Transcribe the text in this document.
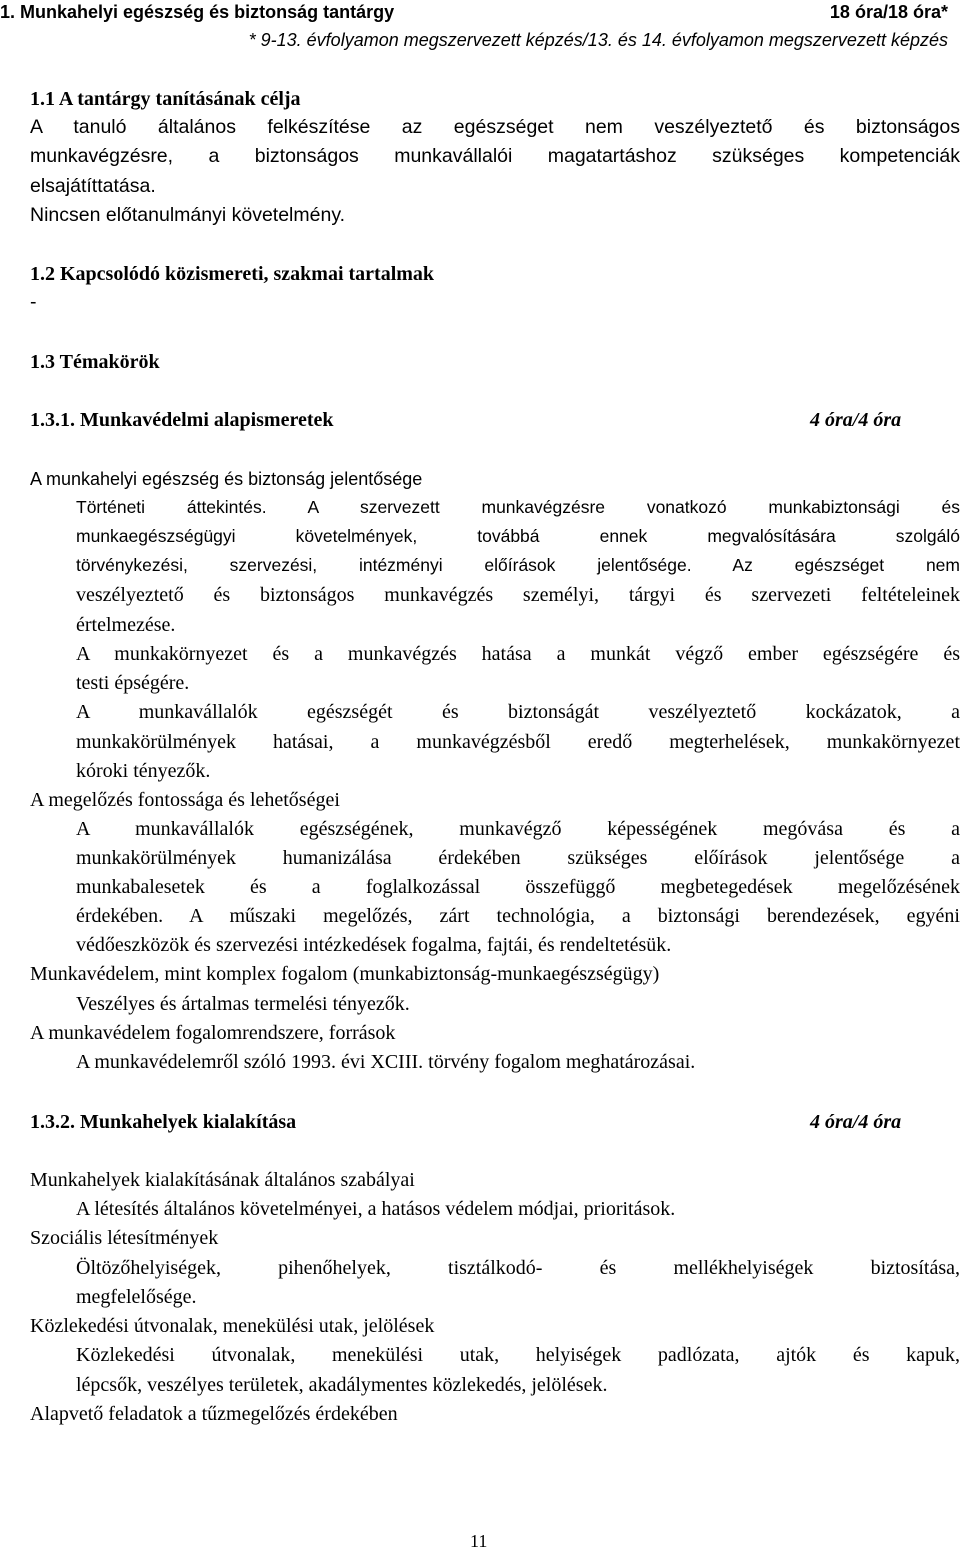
1. Munkahelyi egészség és biztonság tantárgy	18 óra/18 óra*
* 9-13. évfolyamon megszervezett képzés/13. és 14. évfolyamon megszervezett képzés
1.1 A tantárgy tanításának célja
A tanuló általános felkészítése az egészséget nem veszélyeztető és biztonságos
munkavégzésre, a biztonságos munkavállalói magatartáshoz szükséges kompetenciák
elsajátíttatása.
Nincsen előtanulmányi követelmény.
1.2 Kapcsolódó közismereti, szakmai tartalmak
-
1.3 Témakörök
1.3.1. Munkavédelmi alapismeretek	4 óra/4 óra
A munkahelyi egészség és biztonság jelentősége
Történeti áttekintés. A szervezett munkavégzésre vonatkozó munkabiztonsági és
munkaegészségügyi követelmények, továbbá ennek megvalósítására szolgáló
törvénykezési, szervezési, intézményi előírások jelentősége. Az egészséget nem
veszélyeztető és biztonságos munkavégzés személyi, tárgyi és szervezeti feltételeinek
értelmezése.
A munkakörnyezet és a munkavégzés hatása a munkát végző ember egészségére és
testi épségére.
A munkavállalók egészségét és biztonságát veszélyeztető kockázatok, a
munkakörülmények hatásai, a munkavégzésből eredő megterhelések, munkakörnyezet
kóroki tényezők.
A megelőzés fontossága és lehetőségei
A munkavállalók egészségének, munkavégző képességének megóvása és a
munkakörülmények humanizálása érdekében szükséges előírások jelentősége a
munkabalesetek és a foglalkozással összefüggő megbetegedések megelőzésének
érdekében. A műszaki megelőzés, zárt technológia, a biztonsági berendezések, egyéni
védőeszközök és szervezési intézkedések fogalma, fajtái, és rendeltetésük.
Munkavédelem, mint komplex fogalom (munkabiztonság-munkaegészségügy)
Veszélyes és ártalmas termelési tényezők.
A munkavédelem fogalomrendszere, források
A munkavédelemről szóló 1993. évi XCIII. törvény fogalom meghatározásai.
1.3.2. Munkahelyek kialakítása	4 óra/4 óra
Munkahelyek kialakításának általános szabályai
A létesítés általános követelményei, a hatásos védelem módjai, prioritások.
Szociális létesítmények
Öltözőhelyiségek, pihenőhelyek, tisztálkodó- és mellékhelyiségek biztosítása,
megfelelősége.
Közlekedési útvonalak, menekülési utak, jelölések
Közlekedési útvonalak, menekülési utak, helyiségek padlózata, ajtók és kapuk,
lépcsők, veszélyes területek, akadálymentes közlekedés, jelölések.
Alapvető feladatok a tűzmegelőzés érdekében
11
